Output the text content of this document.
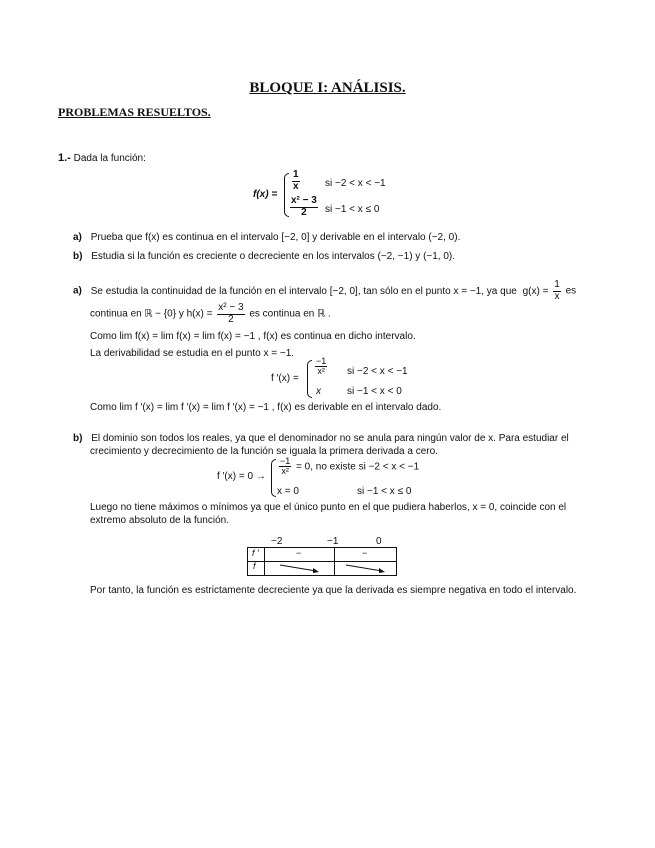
BLOQUE I: ANÁLISIS.
PROBLEMAS RESUELTOS.
1.- Dada la función:
f(x) =
$\frac{1}{x}$	si −2 < x < −1
$\frac{\text{x² − 3}}{2}$ si −1 < x ≤ 0
a) Prueba que f(x) es continua en el intervalo [−2, 0] y derivable en el intervalo (−2, 0).
b) Estudia si la función es creciente o decreciente en los intervalos (−2, −1) y (−1, 0).
a) Se estudia la continuidad de la función en el intervalo [−2, 0], tan sólo en el punto x = −1, ya que $g(x) = \frac{1}{x}$ es
continua en ℝ − {0} y $h(x) = \frac{\text{x² − 3}}{2}$ es continua en ℝ .
Como lim f(x) = lim f(x) = lim f(x) = −1 , f(x) es continua en dicho intervalo.
La derivabilidad se estudia en el punto x = −1.
f ′(x) =
$\frac{-1}{\text{x²}}$ si −2 < x < −1
x	si −1 < x < 0
Como lim f ′(x) = lim f ′(x) = lim f ′(x) = −1 , f(x) es derivable en el intervalo dado.
b) El dominio son todos los reales, ya que el denominador no se anula para ningún valor de x. Para estudiar el
crecimiento y decrecimiento de la función se iguala la primera derivada a cero.
f $'(x) = 0 \to \frac{-1}{\text{x²}} = 0$, no existe si −2 < x < −1
x = 0	si −1 < x ≤ 0
Luego no tiene máximos o mínimos ya que el único punto en el que pudiera haberlos, x = 0, coincide con el
extremo absoluto de la función.
−2	−1	0
f ′	−	−
f
Por tanto, la función es estrictamente decreciente ya que la derivada es siempre negativa en todo el intervalo.
